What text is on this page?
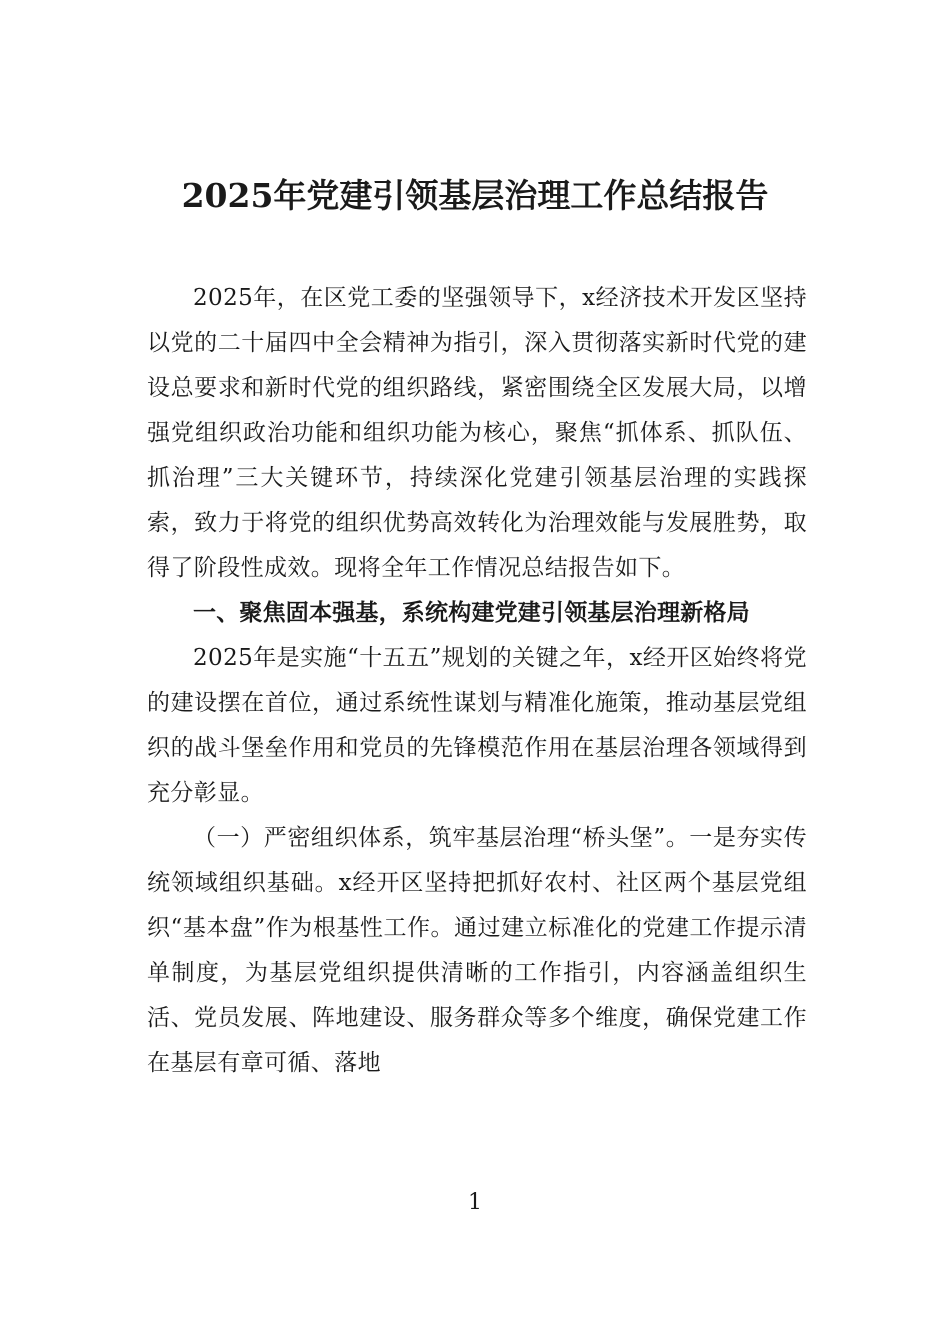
2025年党建引领基层治理工作总结报告

2025年，在区党工委的坚强领导下，x经济技术开发区坚持以党的二十届四中全会精神为指引，深入贯彻落实新时代党的建设总要求和新时代党的组织路线，紧密围绕全区发展大局，以增强党组织政治功能和组织功能为核心，聚焦“抓体系、抓队伍、抓治理”三大关键环节，持续深化党建引领基层治理的实践探索，致力于将党的组织优势高效转化为治理效能与发展胜势，取得了阶段性成效。现将全年工作情况总结报告如下。

一、聚焦固本强基，系统构建党建引领基层治理新格局

2025年是实施“十五五”规划的关键之年，x经开区始终将党的建设摆在首位，通过系统性谋划与精准化施策，推动基层党组织的战斗堡垒作用和党员的先锋模范作用在基层治理各领域得到充分彰显。

（一）严密组织体系，筑牢基层治理“桥头堡”。一是夯实传统领域组织基础。x经开区坚持把抓好农村、社区两个基层党组织“基本盘”作为根基性工作。通过建立标准化的党建工作提示清单制度，为基层党组织提供清晰的工作指引，内容涵盖组织生活、党员发展、阵地建设、服务群众等多个维度，确保党建工作在基层有章可循、落地

1
